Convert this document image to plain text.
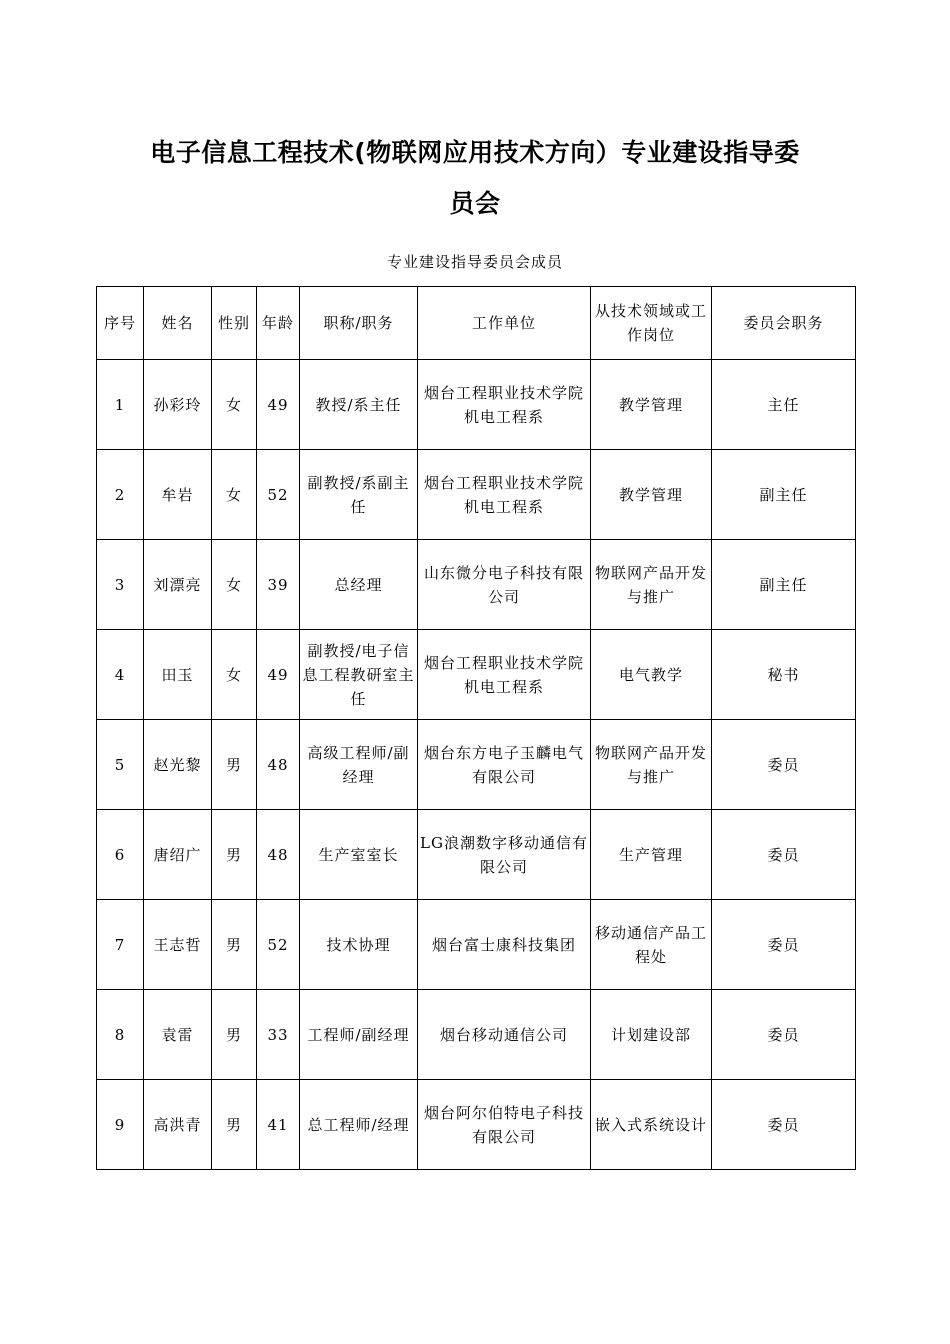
电子信息工程技术(物联网应用技术方向）专业建设指导委
员会
专业建设指导委员会成员
序号	姓名	性别	年龄	职称/职务	工作单位	从技术领域或工作岗位	委员会职务
1	孙彩玲	女	49	教授/系主任	烟台工程职业技术学院机电工程系	教学管理	主任
2	牟岩	女	52	副教授/系副主任	烟台工程职业技术学院机电工程系	教学管理	副主任
3	刘漂亮	女	39	总经理	山东微分电子科技有限公司	物联网产品开发与推广	副主任
4	田玉	女	49	副教授/电子信息工程教研室主任	烟台工程职业技术学院机电工程系	电气教学	秘书
5	赵光黎	男	48	高级工程师/副经理	烟台东方电子玉麟电气有限公司	物联网产品开发与推广	委员
6	唐绍广	男	48	生产室室长	LG浪潮数字移动通信有限公司	生产管理	委员
7	王志哲	男	52	技术协理	烟台富士康科技集团	移动通信产品工程处	委员
8	袁雷	男	33	工程师/副经理	烟台移动通信公司	计划建设部	委员
9	高洪青	男	41	总工程师/经理	烟台阿尔伯特电子科技有限公司	嵌入式系统设计	委员
